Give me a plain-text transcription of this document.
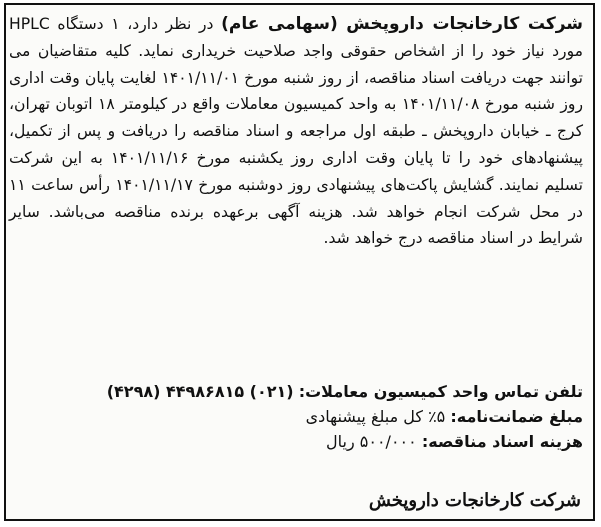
شرکت کارخانجات داروپخش (سهامی عام) در نظر دارد، ۱ دستگاه HPLC مورد نیاز خود را از اشخاص حقوقی واجد صلاحیت خریداری نماید. کلیه متقاضیان می توانند جهت دریافت اسناد مناقصه، از روز شنبه مورخ ۱۴۰۱/۱۱/۰۱ لغایت پایان وقت اداری روز شنبه مورخ ۱۴۰۱/۱۱/۰۸ به واحد کمیسیون معاملات واقع در کیلومتر ۱۸ اتوبان تهران، کرج ـ خیابان داروپخش ـ طبقه اول مراجعه و اسناد مناقصه را دریافت و پس از تکمیل، پیشنهادهای خود را تا پایان وقت اداری روز یکشنبه مورخ ۱۴۰۱/۱۱/۱۶ به این شرکت تسلیم نمایند. گشایش پاکت‌های پیشنهادی روز دوشنبه مورخ ۱۴۰۱/۱۱/۱۷ رأس ساعت ۱۱ در محل شرکت انجام خواهد شد. هزینه آگهی برعهده برنده مناقصه می‌باشد. سایر شرایط در اسناد مناقصه درج خواهد شد.
تلفن تماس واحد کمیسیون معاملات: (۰۲۱) ۴۴۹۸۶۸۱۵ (۴۲۹۸)
مبلغ ضمانت‌نامه: ۵٪ کل مبلغ پیشنهادی
هزینه اسناد مناقصه: ۵۰۰/۰۰۰ ریال
شرکت کارخانجات داروپخش
